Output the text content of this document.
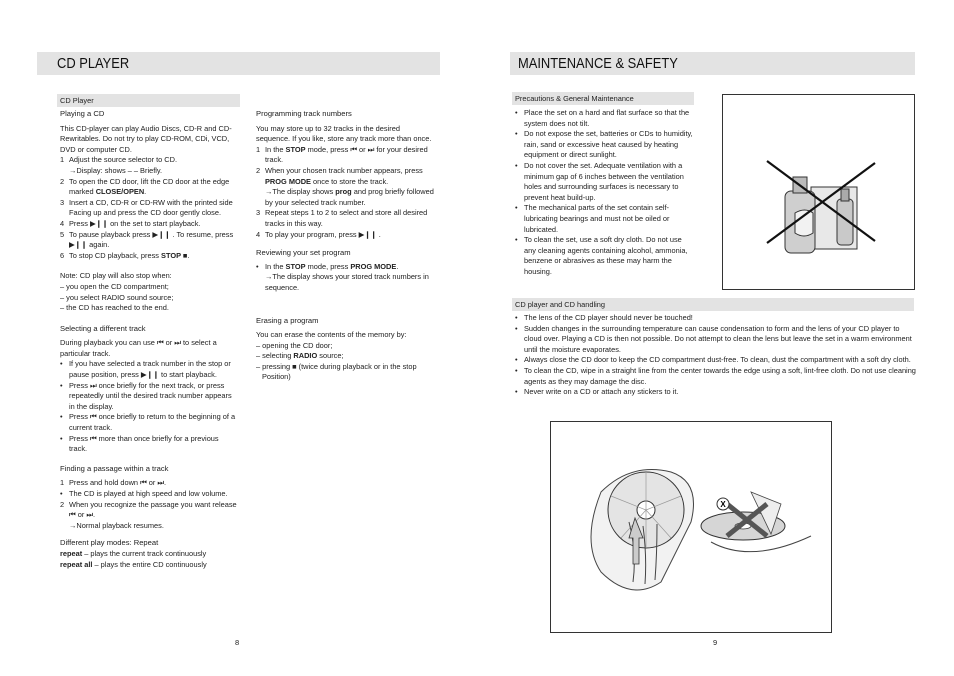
CD PLAYER
CD Player

Playing a CD

This CD-player can play Audio Discs, CD-R and CD-Rewritables. Do not try to play CD-ROM, CDi, VCD, DVD or computer CD.

1 Adjust the source selector to CD.
→Display: shows – – Briefly.
2 To open the CD door, lift the CD door at the edge marked CLOSE/OPEN.
3 Insert a CD, CD-R or CD-RW with the printed side Facing up and press the CD door gently close.
4 Press ▶❙❙ on the set to start playback.
5 To pause playback press ▶❙❙ . To resume, press ▶❙❙ again.
6 To stop CD playback, press STOP ■.

Note: CD play will also stop when:

– you open the CD compartment;

– you select RADIO sound source;

– the CD has reached to the end.

Selecting a different track

During playback you can use ⏮ or ⏭ to select a particular track.

• If you have selected a track number in the stop or pause position, press ▶❙❙ to start playback.
• Press ⏭ once briefly for the next track, or press repeatedly until the desired track number appears in the display.
• Press ⏮ once briefly to return to the beginning of a current track.
• Press ⏮ more than once briefly for a previous track.

Finding a passage within a track

1 Press and hold down ⏮ or ⏭.
• The CD is played at high speed and low volume.
2 When you recognize the passage you want release ⏮ or ⏭.
→Normal playback resumes.

Different play modes: Repeat

repeat – plays the current track continuously

repeat all – plays the entire CD continuously

Programming track numbers

You may store up to 32 tracks in the desired sequence. If you like, store any track more than once.

1 In the STOP mode, press ⏮ or ⏭ for your desired track.
2 When your chosen track number appears, press PROG MODE once to store the track.
→The display shows prog and prog briefly followed by your selected track number.
3 Repeat steps 1 to 2 to select and store all desired tracks in this way.
4 To play your program, press ▶❙❙ .

Reviewing your set program

• In the STOP mode, press PROG MODE.
→The display shows your stored track numbers in sequence.

Erasing a program

You can erase the contents of the memory by:

– opening the CD door;

– selecting RADIO source;

– pressing ■ (twice during playback or in the stop Position)

8
MAINTENANCE & SAFETY
Precautions & General Maintenance
• Place the set on a hard and flat surface so that the system does not tilt.
• Do not expose the set, batteries or CDs to humidity, rain, sand or excessive heat caused by heating equipment or direct sunlight.
• Do not cover the set. Adequate ventilation with a minimum gap of 6 inches between the ventilation holes and surrounding surfaces is necessary to prevent heat build-up.
• The mechanical parts of the set contain self-lubricating bearings and must not be oiled or lubricated.
• To clean the set, use a soft dry cloth. Do not use any cleaning agents containing alcohol, ammonia, benzene or abrasives as these may harm the housing.
CD player and CD handling
• The lens of the CD player should never be touched!
• Sudden changes in the surrounding temperature can cause condensation to form and the lens of your CD player to cloud over. Playing a CD is then not possible. Do not attempt to clean the lens but leave the set in a warm environment until the moisture evaporates.
• Always close the CD door to keep the CD compartment dust-free. To clean, dust the compartment with a soft dry cloth.
• To clean the CD, wipe in a straight line from the center towards the edge using a soft, lint-free cloth. Do not use cleaning agents as they may damage the disc.
• Never write on a CD or attach any stickers to it.
X
9
